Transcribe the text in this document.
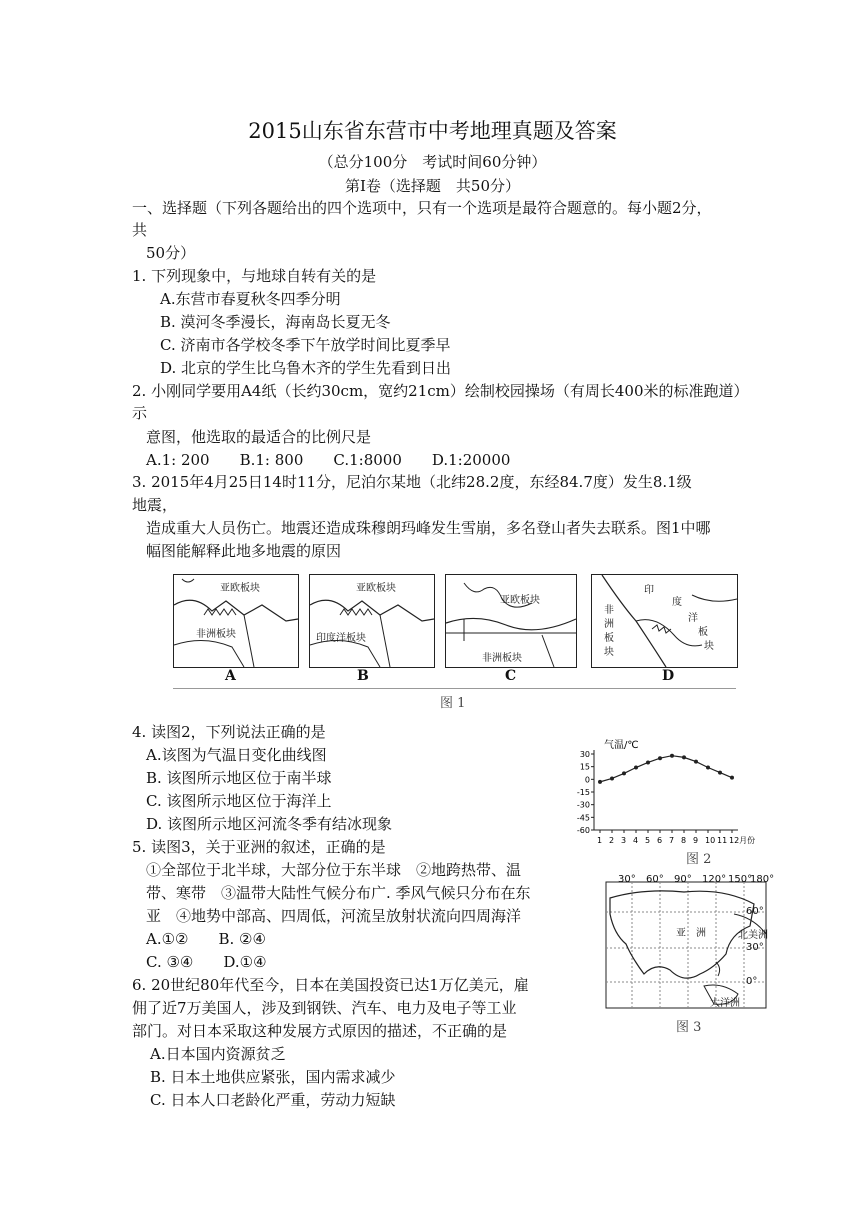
2015山东省东营市中考地理真题及答案
（总分100分　考试时间60分钟）
第Ⅰ卷（选择题　共50分）
一、选择题（下列各题给出的四个选项中，只有一个选项是最符合题意的。每小题2分，
共
50分）
1. 下列现象中，与地球自转有关的是
A.东营市春夏秋冬四季分明
B. 漠河冬季漫长，海南岛长夏无冬
C. 济南市各学校冬季下午放学时间比夏季早
D. 北京的学生比乌鲁木齐的学生先看到日出
2. 小刚同学要用A4纸（长约30cm，宽约21cm）绘制校园操场（有周长400米的标准跑道）
示
意图，他选取的最适合的比例尺是
A.1: 200　　B.1: 800　　C.1:8000　　D.1:20000
3. 2015年4月25日14时11分，尼泊尔某地（北纬28.2度，东经84.7度）发生8.1级
地震，
造成重大人员伤亡。地震还造成珠穆朗玛峰发生雪崩，多名登山者失去联系。图1中哪
幅图能解释此地多地震的原因
亚欧板块
非洲板块
亚欧板块
印度洋板块
亚欧板块
非洲板块
印
度
洋
板
块
非
洲
板
块
A	B	C	D
图 1
4. 读图2，下列说法正确的是
A.该图为气温日变化曲线图
B. 该图所示地区位于南半球
C. 该图所示地区位于海洋上
D. 该图所示地区河流冬季有结冰现象
5. 读图3，关于亚洲的叙述，正确的是
①全部位于北半球，大部分位于东半球　②地跨热带、温
带、寒带　③温带大陆性气候分布广. 季风气候只分布在东
亚　④地势中部高、四周低，河流呈放射状流向四周海洋
A.①②　　B. ②④
C. ③④　　D.①④
6. 20世纪80年代至今，日本在美国投资已达1万亿美元，雇
佣了近7万美国人，涉及到钢铁、汽车、电力及电子等工业
部门。对日本采取这种发展方式原因的描述，不正确的是
A.日本国内资源贫乏
B. 日本土地供应紧张，国内需求减少
C. 日本人口老龄化严重，劳动力短缺
气温/℃
30
15
0
-15
-30
-45
-60
1 2 3 4 5 6 7 8 9 10 11 12月份
图 2
30° 60° 90° 120° 150°
180°
60°
30°
0°
亚　洲	北美洲
大洋洲
图 3
